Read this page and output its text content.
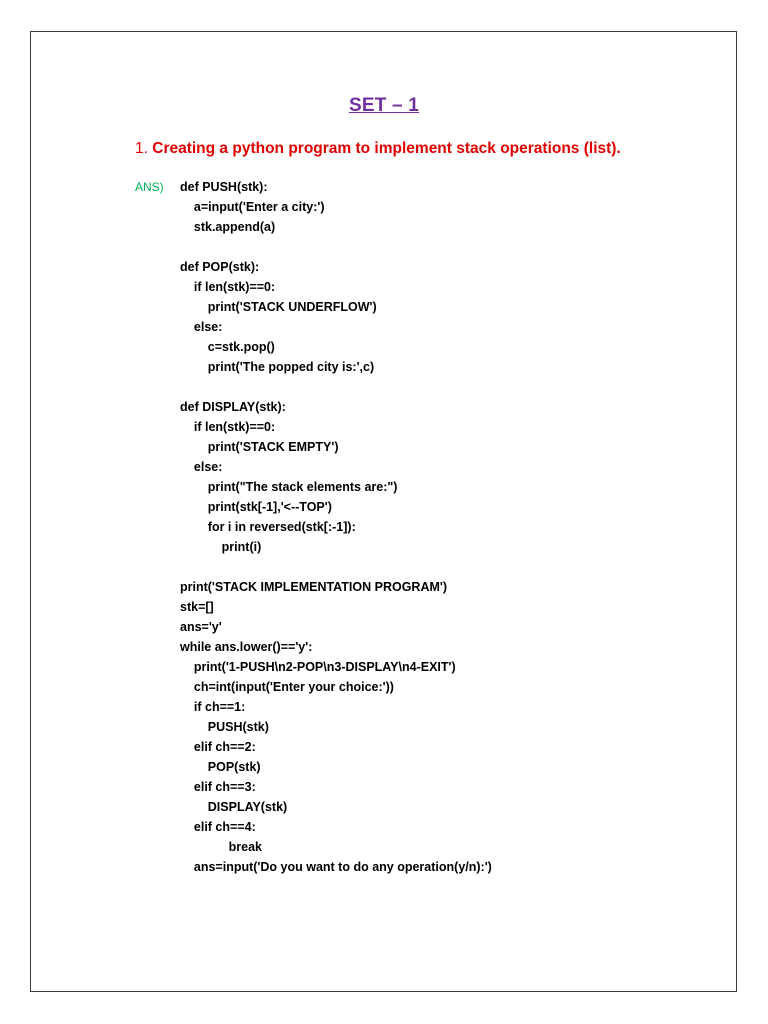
SET – 1
1. Creating a python program to implement stack operations (list).
ANS) def PUSH(stk):
a=input('Enter a city:')
stk.append(a)
def POP(stk):
if len(stk)==0:
print('STACK UNDERFLOW')
else:
c=stk.pop()
print('The popped city is:',c)
def DISPLAY(stk):
if len(stk)==0:
print('STACK EMPTY')
else:
print("The stack elements are:")
print(stk[-1],'<--TOP')
for i in reversed(stk[:-1]):
print(i)
print('STACK IMPLEMENTATION PROGRAM')
stk=[]
ans='y'
while ans.lower()=='y':
print('1-PUSH\n2-POP\n3-DISPLAY\n4-EXIT')
ch=int(input('Enter your choice:'))
if ch==1:
PUSH(stk)
elif ch==2:
POP(stk)
elif ch==3:
DISPLAY(stk)
elif ch==4:
break
ans=input('Do you want to do any operation(y/n):')
